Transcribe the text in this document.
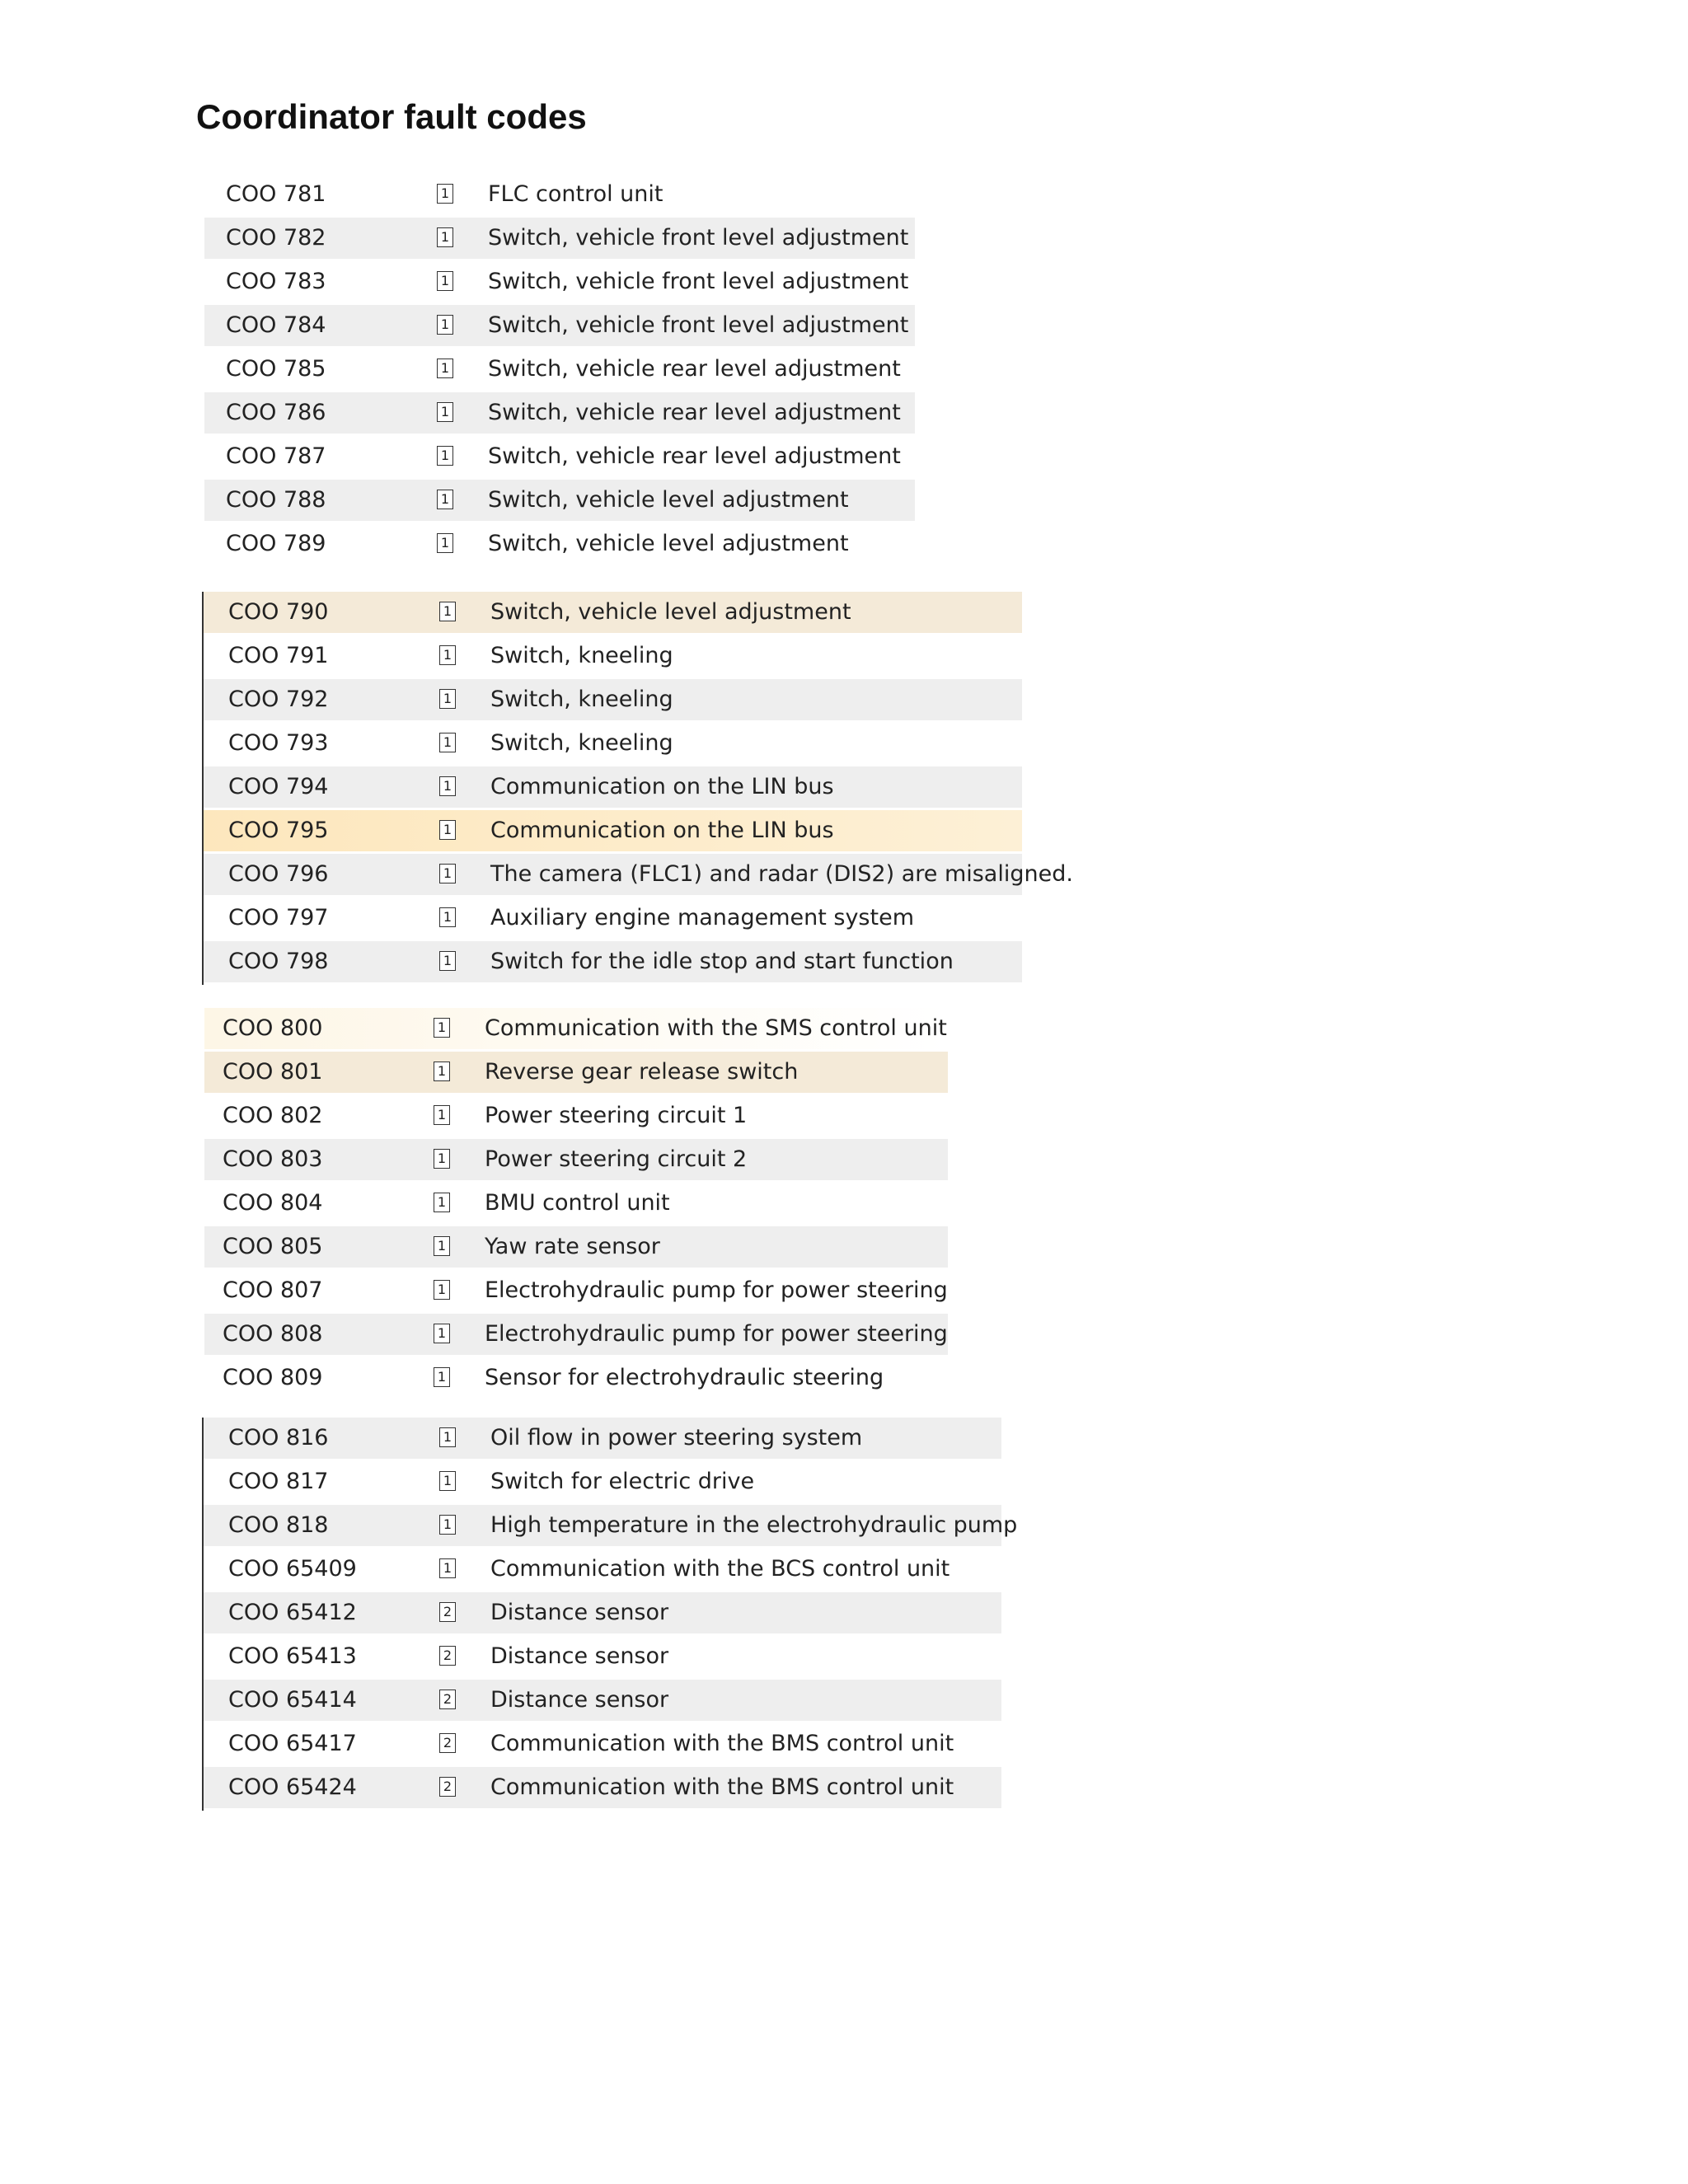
Coordinator fault codes
COO 781	1 FLC control unit
COO 782	1 Switch, vehicle front level adjustment
COO 783	1 Switch, vehicle front level adjustment
COO 784	1 Switch, vehicle front level adjustment
COO 785	1 Switch, vehicle rear level adjustment
COO 786	1 Switch, vehicle rear level adjustment
COO 787	1 Switch, vehicle rear level adjustment
COO 788	1 Switch, vehicle level adjustment
COO 789	1 Switch, vehicle level adjustment
COO 790	1 Switch, vehicle level adjustment
COO 791	1 Switch, kneeling
COO 792	1 Switch, kneeling
COO 793	1 Switch, kneeling
COO 794	1 Communication on the LIN bus
COO 795	1 Communication on the LIN bus
COO 796	1 The camera (FLC1) and radar (DIS2) are misaligned.
COO 797	1 Auxiliary engine management system
COO 798	1 Switch for the idle stop and start function
COO 800	1 Communication with the SMS control unit
COO 801	1 Reverse gear release switch
COO 802	1 Power steering circuit 1
COO 803	1 Power steering circuit 2
COO 804	1 BMU control unit
COO 805	1 Yaw rate sensor
COO 807	1 Electrohydraulic pump for power steering
COO 808	1 Electrohydraulic pump for power steering
COO 809	1 Sensor for electrohydraulic steering
COO 816	1 Oil flow in power steering system
COO 817	1 Switch for electric drive
COO 818	1 High temperature in the electrohydraulic pump
COO 65409	1 Communication with the BCS control unit
COO 65412	2 Distance sensor
COO 65413	2 Distance sensor
COO 65414	2 Distance sensor
COO 65417	2 Communication with the BMS control unit
COO 65424	2 Communication with the BMS control unit
